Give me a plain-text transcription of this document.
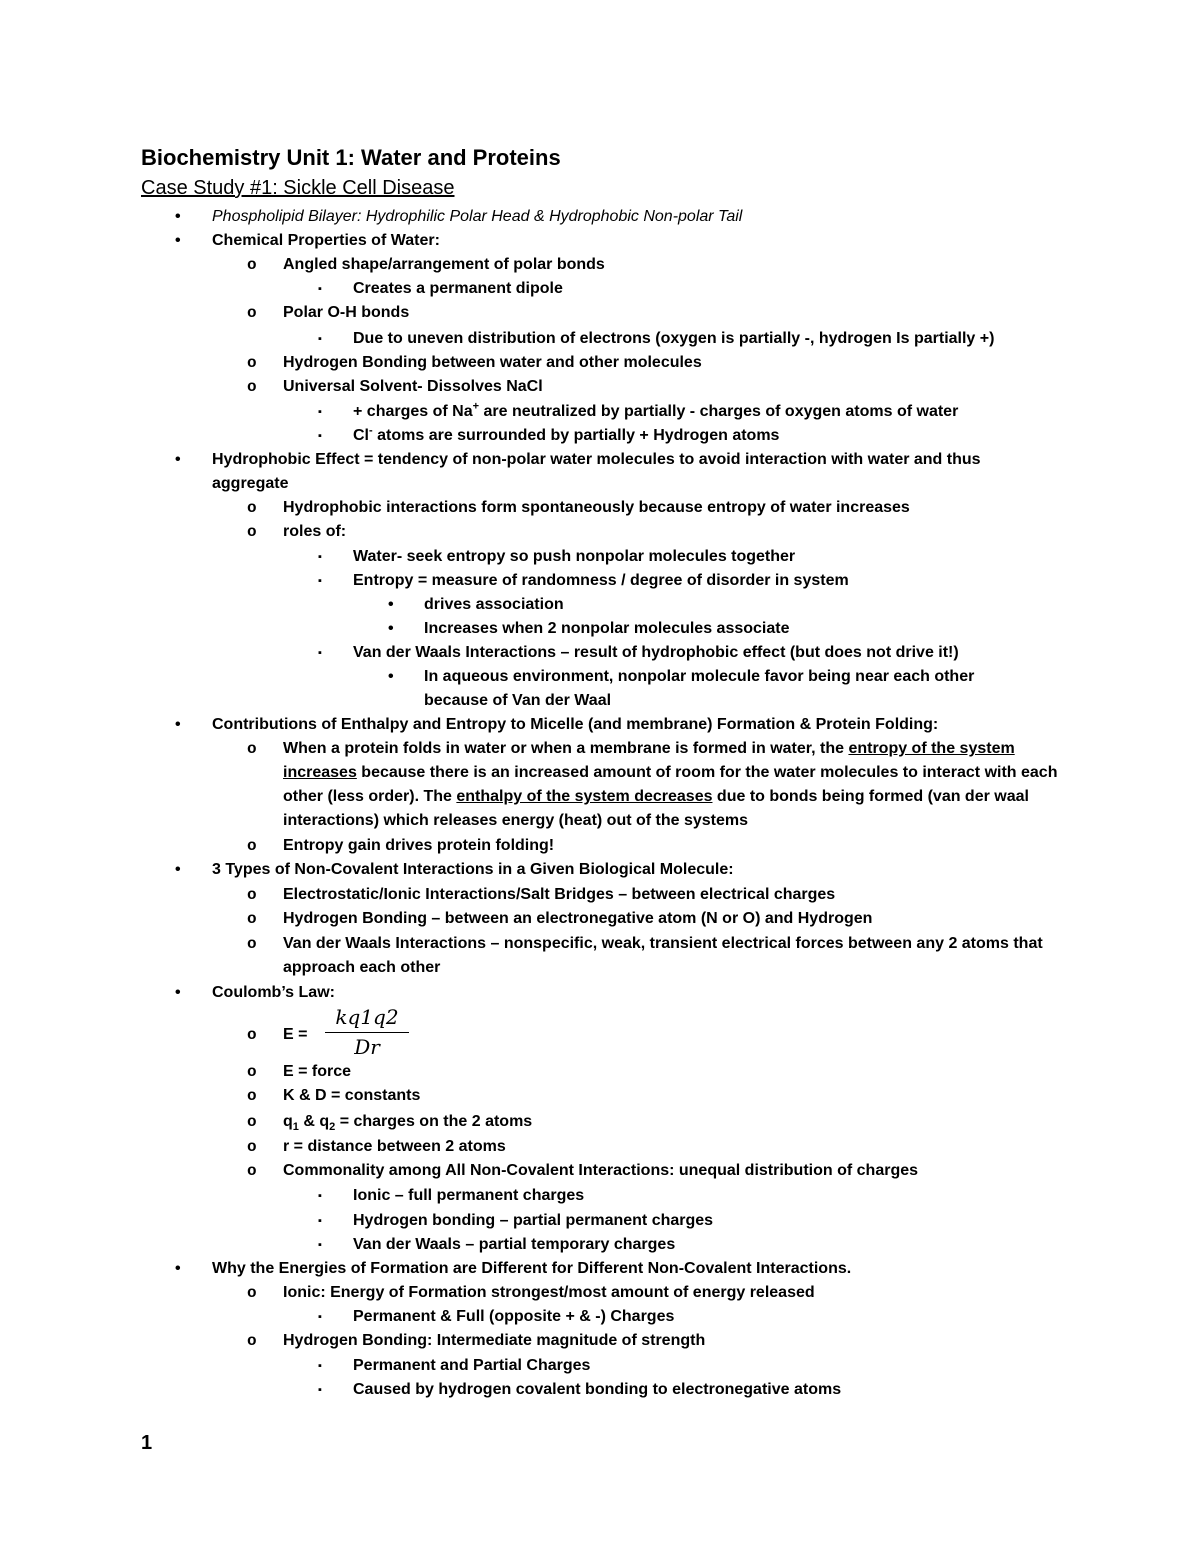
Biochemistry Unit 1: Water and Proteins
Case Study #1: Sickle Cell Disease
• Phospholipid Bilayer: Hydrophilic Polar Head & Hydrophobic Non-polar Tail
• Chemical Properties of Water:
o Angled shape/arrangement of polar bonds
▪ Creates a permanent dipole
o Polar O-H bonds
▪ Due to uneven distribution of electrons (oxygen is partially -, hydrogen Is partially +)
o Hydrogen Bonding between water and other molecules
o Universal Solvent- Dissolves NaCl
▪ + charges of Na+ are neutralized by partially - charges of oxygen atoms of water
▪ Cl- atoms are surrounded by partially + Hydrogen atoms
• Hydrophobic Effect = tendency of non-polar water molecules to avoid interaction with water and thus aggregate
o Hydrophobic interactions form spontaneously because entropy of water increases
o roles of:
▪ Water- seek entropy so push nonpolar molecules together
▪ Entropy = measure of randomness / degree of disorder in system
• drives association
• Increases when 2 nonpolar molecules associate
▪ Van der Waals Interactions – result of hydrophobic effect (but does not drive it!)
• In aqueous environment, nonpolar molecule favor being near each other because of Van der Waal
• Contributions of Enthalpy and Entropy to Micelle (and membrane) Formation & Protein Folding:
o When a protein folds in water or when a membrane is formed in water, the entropy of the system increases because there is an increased amount of room for the water molecules to interact with each other (less order). The enthalpy of the system decreases due to bonds being formed (van der waal interactions) which releases energy (heat) out of the systems
o Entropy gain drives protein folding!
• 3 Types of Non-Covalent Interactions in a Given Biological Molecule:
o Electrostatic/Ionic Interactions/Salt Bridges – between electrical charges
o Hydrogen Bonding – between an electronegative atom (N or O) and Hydrogen
o Van der Waals Interactions – nonspecific, weak, transient electrical forces between any 2 atoms that approach each other
• Coulomb’s Law:
o E =
kq1q2
Dr
o E = force
o K & D = constants
o $q_1$ & $q_2$ = charges on the 2 atoms
o r = distance between 2 atoms
o Commonality among All Non-Covalent Interactions: unequal distribution of charges
▪ Ionic – full permanent charges
▪ Hydrogen bonding – partial permanent charges
▪ Van der Waals – partial temporary charges
• Why the Energies of Formation are Different for Different Non-Covalent Interactions.
o Ionic: Energy of Formation strongest/most amount of energy released
▪ Permanent & Full (opposite + & -) Charges
o Hydrogen Bonding: Intermediate magnitude of strength
▪ Permanent and Partial Charges
▪ Caused by hydrogen covalent bonding to electronegative atoms
1
